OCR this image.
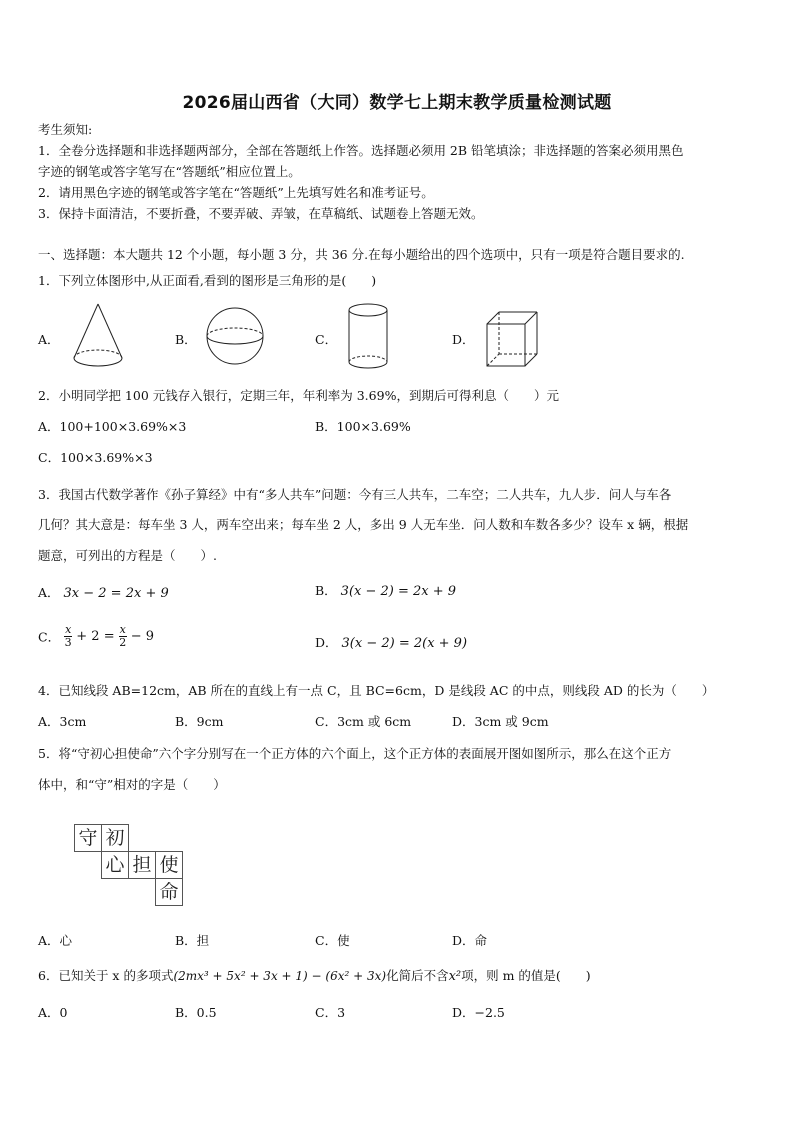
2026届山西省（大同）数学七上期末教学质量检测试题
考生须知:
1．全卷分选择题和非选择题两部分，全部在答题纸上作答。选择题必须用 2B 铅笔填涂；非选择题的答案必须用黑色
字迹的钢笔或答字笔写在“答题纸”相应位置上。
2．请用黑色字迹的钢笔或答字笔在“答题纸”上先填写姓名和准考证号。
3．保持卡面清洁，不要折叠，不要弄破、弄皱，在草稿纸、试题卷上答题无效。
一、选择题：本大题共 12 个小题，每小题 3 分，共 36 分.在每小题给出的四个选项中，只有一项是符合题目要求的.
1．下列立体图形中,从正面看,看到的图形是三角形的是(　　)
A．	B．	C．	D．
2．小明同学把 100 元钱存入银行，定期三年，年利率为 3.69%，到期后可得利息（　　）元
A．100+100×3.69%×3	B．100×3.69%
C．100×3.69%×3
3．我国古代数学著作《孙子算经》中有“多人共车”问题：今有三人共车，二车空；二人共车，九人步．问人与车各
几何？其大意是：每车坐 3 人，两车空出来；每车坐 2 人，多出 9 人无车坐．问人数和车数各多少？设车 x 辆，根据
题意，可列出的方程是（　　）.
A． 3x − 2 = 2x + 9	B． 3(x − 2) = 2x + 9
C． $\frac{x}{3} + 2 = \frac{x}{2} - 9$	D． 3(x − 2) = 2(x + 9)
4．已知线段 AB=12cm，AB 所在的直线上有一点 C，且 BC=6cm，D 是线段 AC 的中点，则线段 AD 的长为（　　）
A．3cm	B．9cm	C．3cm 或 6cm	D．3cm 或 9cm
5．将“守初心担使命”六个字分别写在一个正方体的六个面上，这个正方体的表面展开图如图所示，那么在这个正方
体中，和“守”相对的字是（　　）
守 初
心 担 使
命
A．心	B．担	C．使	D．命
6．已知关于 x 的多项式(2mx³ + 5x² + 3x + 1) − (6x² + 3x)化简后不含x²项，则 m 的值是(　　)
A．0	B．0.5	C．3	D．−2.5
